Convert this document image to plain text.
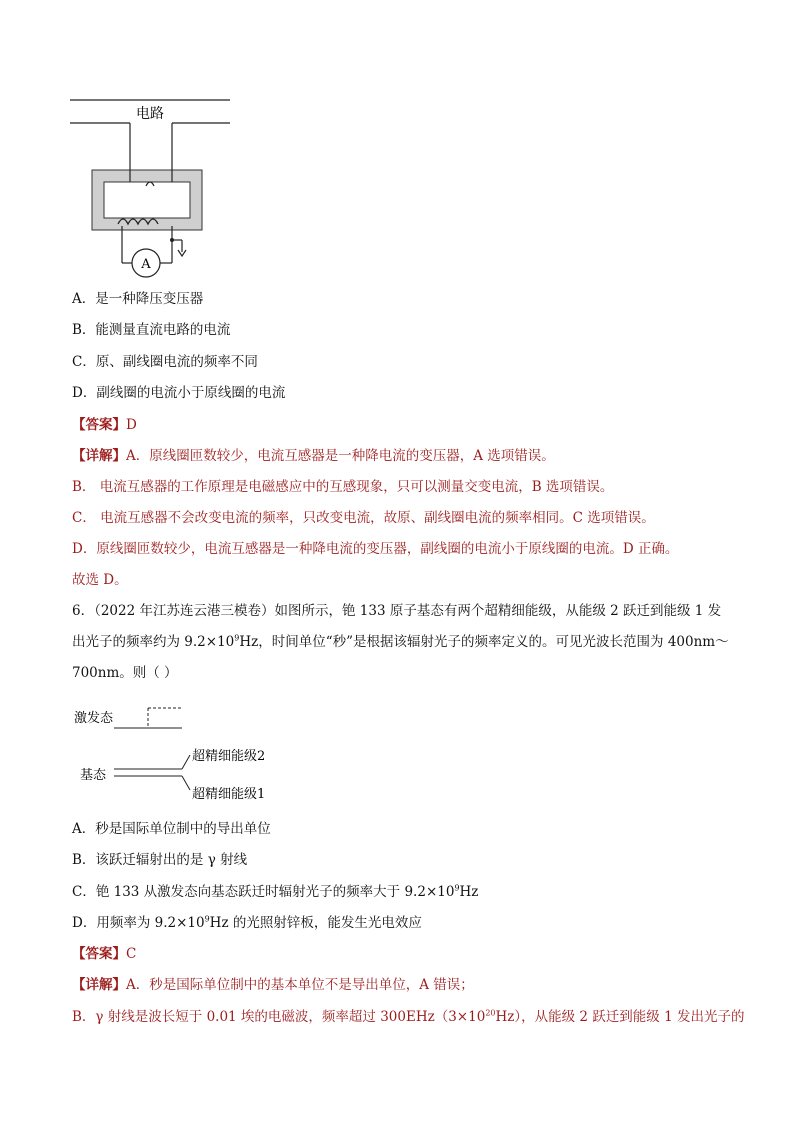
电路
A
A．是一种降压变压器
B．能测量直流电路的电流
C．原、副线圈电流的频率不同
D．副线圈的电流小于原线圈的电流
【答案】D
【详解】A．原线圈匝数较少，电流互感器是一种降电流的变压器，A 选项错误。
B． 电流互感器的工作原理是电磁感应中的互感现象，只可以测量交变电流，B 选项错误。
C． 电流互感器不会改变电流的频率，只改变电流，故原、副线圈电流的频率相同。C 选项错误。
D．原线圈匝数较少，电流互感器是一种降电流的变压器，副线圈的电流小于原线圈的电流。D 正确。
故选 D。
6．（2022 年江苏连云港三模卷）如图所示，铯 133 原子基态有两个超精细能级，从能级 2 跃迁到能级 1 发
出光子的频率约为 $9.2\times 10^9Hz$，时间单位“秒”是根据该辐射光子的频率定义的。可见光波长范围为 400nm～
700nm。则（ ）
激发态
基态
超精细能级2
超精细能级1
A．秒是国际单位制中的导出单位
B．该跃迁辐射出的是 γ 射线
C．铯 133 从激发态向基态跃迁时辐射光子的频率大于 $9.2\times 10^9Hz$
D．用频率为 $9.2\times 10^9Hz$ 的光照射锌板，能发生光电效应
【答案】C
【详解】A．秒是国际单位制中的基本单位不是导出单位，A 错误；
B．γ 射线是波长短于 0.01 埃的电磁波，频率超过 $300EHz(3\times 10^{20}Hz)$，从能级 2 跃迁到能级 1 发出光子的
